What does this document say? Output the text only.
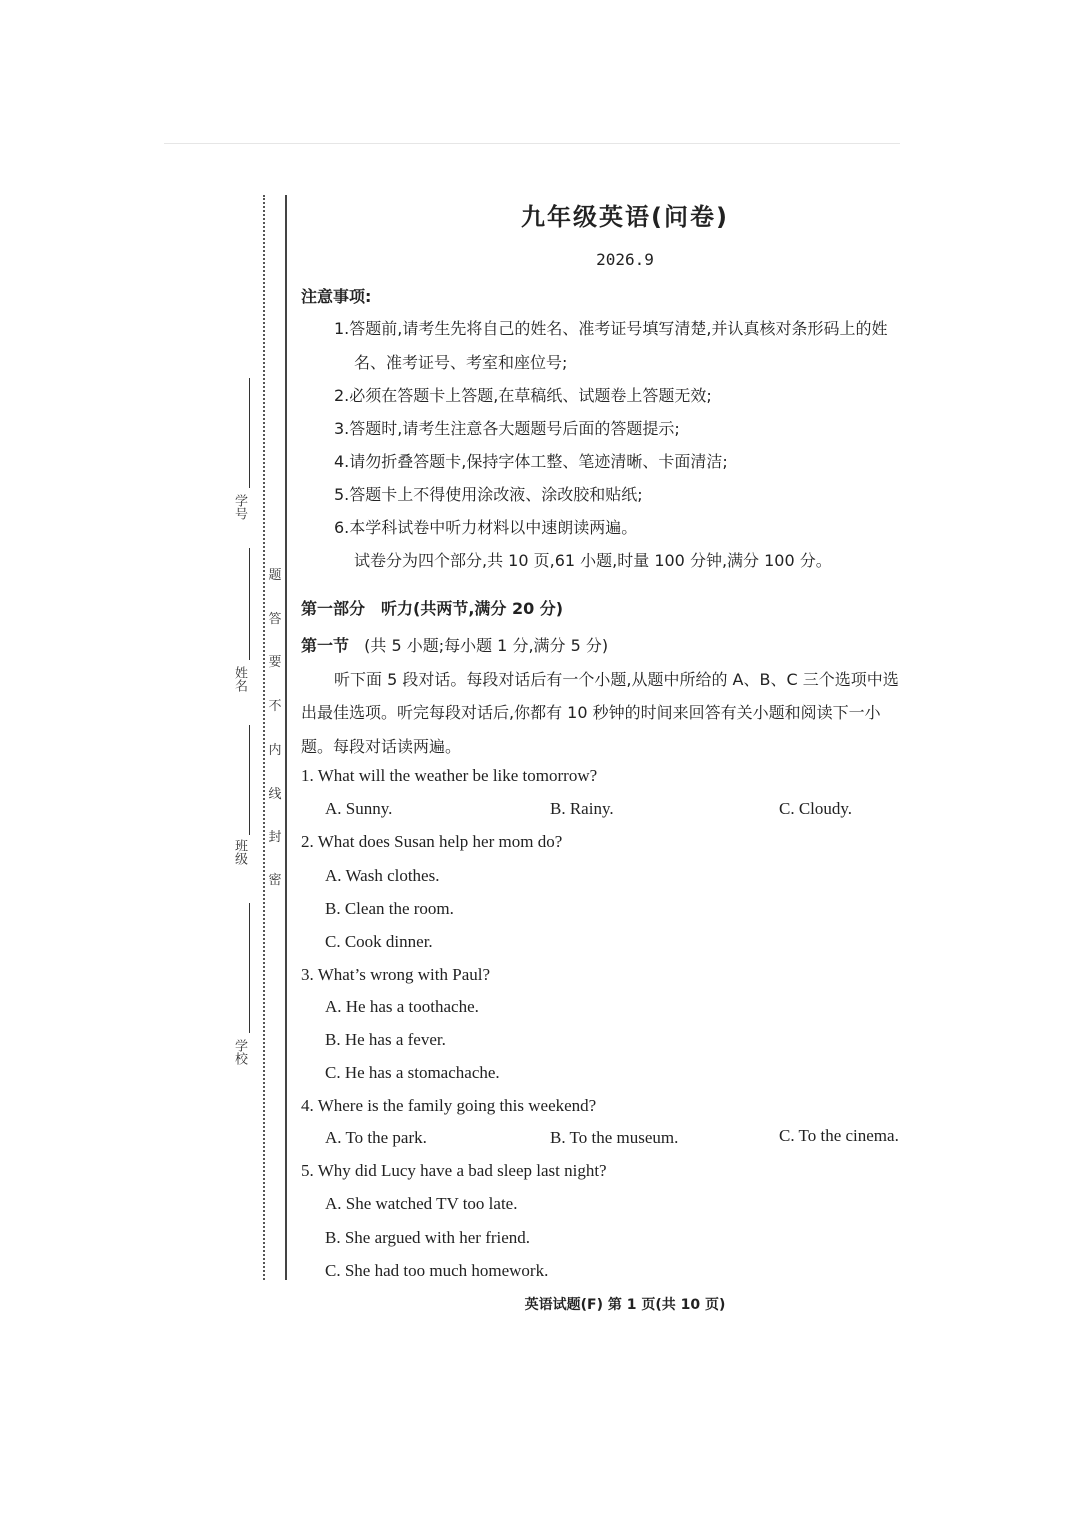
学号
姓名
班级
学校
题
答
要
不
内
线
封
密
九年级英语(问卷)
2026.9
注意事项:
1.答题前,请考生先将自己的姓名、准考证号填写清楚,并认真核对条形码上的姓
名、准考证号、考室和座位号;
2.必须在答题卡上答题,在草稿纸、试题卷上答题无效;
3.答题时,请考生注意各大题题号后面的答题提示;
4.请勿折叠答题卡,保持字体工整、笔迹清晰、卡面清洁;
5.答题卡上不得使用涂改液、涂改胶和贴纸;
6.本学科试卷中听力材料以中速朗读两遍。
试卷分为四个部分,共 10 页,61 小题,时量 100 分钟,满分 100 分。
第一部分　听力(共两节,满分 20 分)
第一节 (共 5 小题;每小题 1 分,满分 5 分)
听下面 5 段对话。每段对话后有一个小题,从题中所给的 A、B、C 三个选项中选
出最佳选项。听完每段对话后,你都有 10 秒钟的时间来回答有关小题和阅读下一小
题。每段对话读两遍。
1. What will the weather be like tomorrow?
A. Sunny.	B. Rainy.	C. Cloudy.
2. What does Susan help her mom do?
A. Wash clothes.
B. Clean the room.
C. Cook dinner.
3. What’s wrong with Paul?
A. He has a toothache.
B. He has a fever.
C. He has a stomachache.
4. Where is the family going this weekend?
A. To the park.	B. To the museum.	C. To the cinema.
5. Why did Lucy have a bad sleep last night?
A. She watched TV too late.
B. She argued with her friend.
C. She had too much homework.
英语试题(F) 第 1 页(共 10 页)
